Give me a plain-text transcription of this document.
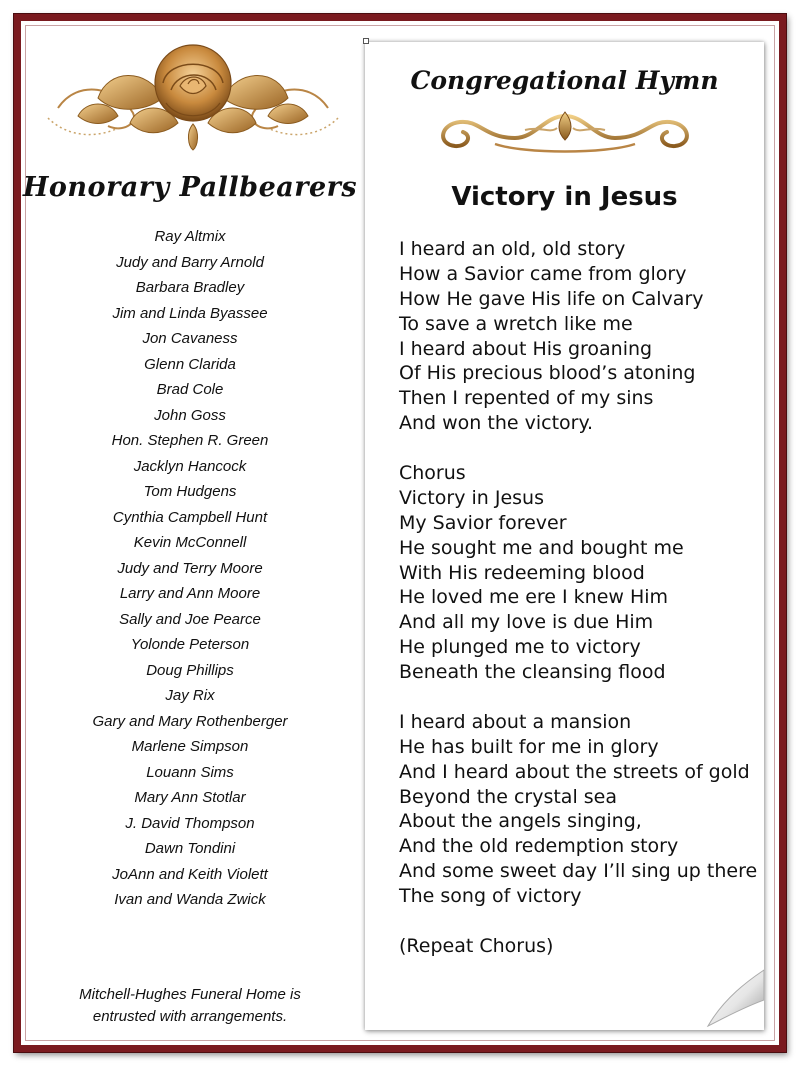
Honorary Pallbearers
Ray Altmix
Judy and Barry Arnold
Barbara Bradley
Jim and Linda Byassee
Jon Cavaness
Glenn Clarida
Brad Cole
John Goss
Hon. Stephen R. Green
Jacklyn Hancock
Tom Hudgens
Cynthia Campbell Hunt
Kevin McConnell
Judy and Terry Moore
Larry and Ann Moore
Sally and Joe Pearce
Yolonde Peterson
Doug Phillips
Jay Rix
Gary and Mary Rothenberger
Marlene Simpson
Louann Sims
Mary Ann Stotlar
J. David Thompson
Dawn Tondini
JoAnn and Keith Violett
Ivan and Wanda Zwick
Mitchell-Hughes Funeral Home is
entrusted with arrangements.
Congregational Hymn
Victory in Jesus
I heard an old, old story
How a Savior came from glory
How He gave His life on Calvary
To save a wretch like me
I heard about His groaning
Of His precious blood’s atoning
Then I repented of my sins
And won the victory.
Chorus
Victory in Jesus
My Savior forever
He sought me and bought me
With His redeeming blood
He loved me ere I knew Him
And all my love is due Him
He plunged me to victory
Beneath the cleansing flood
I heard about a mansion
He has built for me in glory
And I heard about the streets of gold
Beyond the crystal sea
About the angels singing,
And the old redemption story
And some sweet day I’ll sing up there
The song of victory
(Repeat Chorus)
